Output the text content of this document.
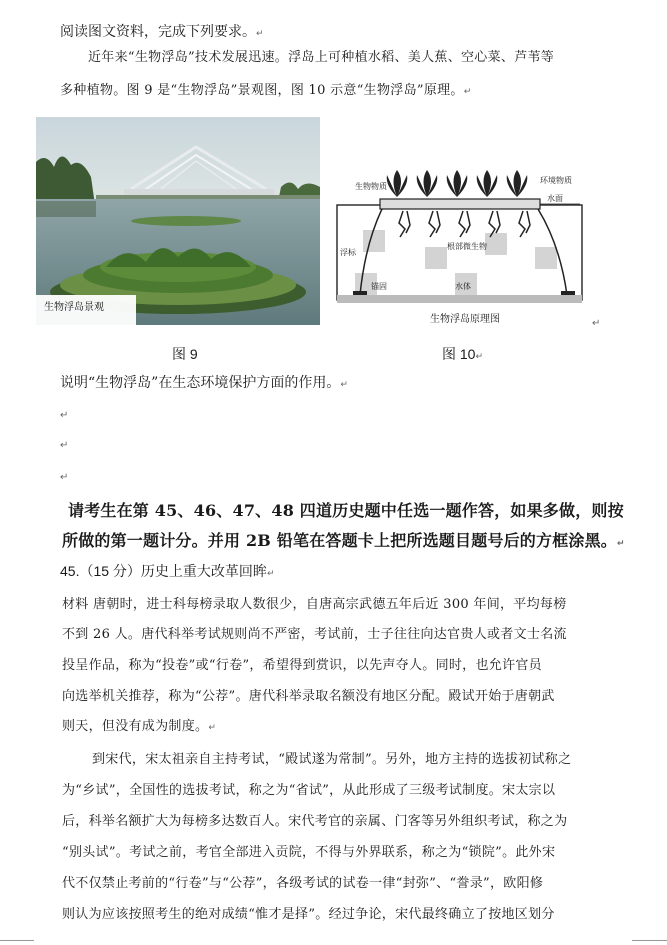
阅读图文资料，完成下列要求。↵
近年来“生物浮岛”技术发展迅速。浮岛上可种植水稻、美人蕉、空心菜、芦苇等
多种植物。图 9 是“生物浮岛”景观图，图 10 示意“生物浮岛”原理。↵
生物浮岛景观
生物物质
环境物质
水面
根部微生物
浮标
锚固	水体
生物浮岛原理图	↵
图 9	图 10↵
说明“生物浮岛”在生态环境保护方面的作用。↵
↵
↵
↵
请考生在第 45、46、47、48 四道历史题中任选一题作答，如果多做，则按
所做的第一题计分。并用 2B 铅笔在答题卡上把所选题目题号后的方框涂黑。↵
45.（15 分）历史上重大改革回眸↵
材料 唐朝时，进士科每榜录取人数很少，自唐高宗武德五年后近 300 年间，平均每榜
不到 26 人。唐代科举考试规则尚不严密，考试前，士子往往向达官贵人或者文士名流
投呈作品，称为“投卷”或“行卷”，希望得到赏识，以先声夺人。同时，也允许官员
向选举机关推荐，称为“公荐”。唐代科举录取名额没有地区分配。殿试开始于唐朝武
则天，但没有成为制度。↵
到宋代，宋太祖亲自主持考试，“殿试遂为常制”。另外，地方主持的选拔初试称之
为“乡试”，全国性的选拔考试，称之为“省试”，从此形成了三级考试制度。宋太宗以
后，科举名额扩大为每榜多达数百人。宋代考官的亲属、门客等另外组织考试，称之为
“别头试”。考试之前，考官全部进入贡院，不得与外界联系，称之为“锁院”。此外宋
代不仅禁止考前的“行卷”与“公荐”，各级考试的试卷一律“封弥”、“誊录”，欧阳修
则认为应该按照考生的绝对成绩“惟才是择”。经过争论，宋代最终确立了按地区划分
